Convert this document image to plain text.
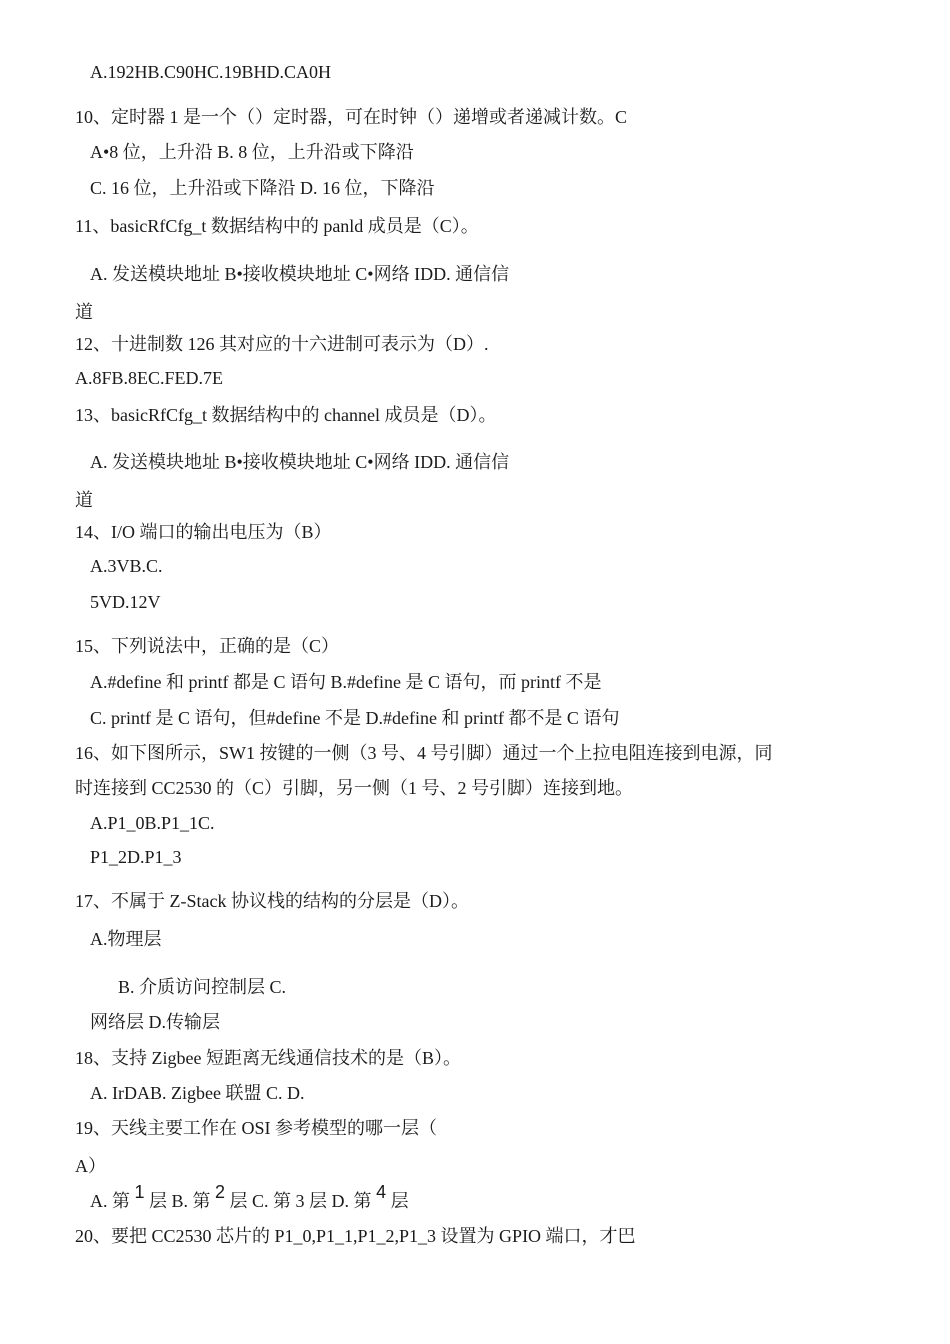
A.192HB.C90HC.19BHD.CA0H
10、定时器 1 是一个（）定时器，可在时钟（）递增或者递减计数。C
A•8 位，上升沿 B. 8 位，上升沿或下降沿
C. 16 位，上升沿或下降沿 D. 16 位，下降沿
11、basicRfCfg_t 数据结构中的 panld 成员是（C）。
A. 发送模块地址 B•接收模块地址 C•网络 IDD. 通信信
道
12、十进制数 126 其对应的十六进制可表示为（D）.
A.8FB.8EC.FED.7E
13、basicRfCfg_t 数据结构中的 channel 成员是（D）。
A. 发送模块地址 B•接收模块地址 C•网络 IDD. 通信信
道
14、I/O 端口的输出电压为（B）
A.3VB.C.
5VD.12V
15、下列说法中，正确的是（C）
A.#define 和 printf 都是 C 语句 B.#define 是 C 语句，而 printf 不是
C. printf 是 C 语句，但#define 不是 D.#define 和 printf 都不是 C 语句
16、如下图所示，SW1 按键的一侧（3 号、4 号引脚）通过一个上拉电阻连接到电源，同
时连接到 CC2530 的（C）引脚，另一侧（1 号、2 号引脚）连接到地。
A.P1_0B.P1_1C.
P1_2D.P1_3
17、不属于 Z-Stack 协议栈的结构的分层是（D）。
A.物理层
B. 介质访问控制层 C.
网络层 D.传输层
18、支持 Zigbee 短距离无线通信技术的是（B）。
A. IrDAB. Zigbee 联盟 C. D.
19、天线主要工作在 OSI 参考模型的哪一层（
A）
A. 第 1 层 B. 第 2 层 C. 第 3 层 D. 第 4 层
20、要把 CC2530 芯片的 P1_0,P1_1,P1_2,P1_3 设置为 GPIO 端口，才巴
